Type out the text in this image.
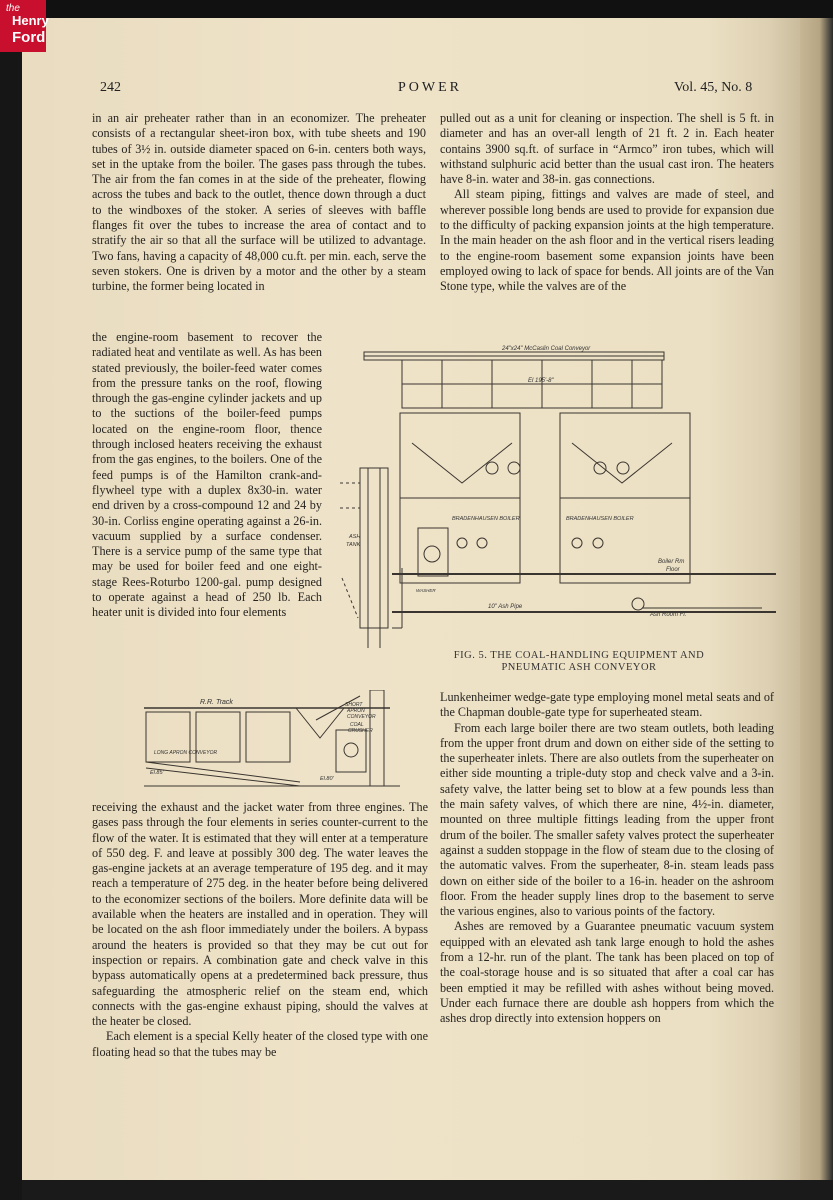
the
Henry
Ford
242	POWER	Vol. 45, No. 8

in an air preheater rather than in an economizer. The preheater consists of a rectangular sheet-iron box, with tube sheets and 190 tubes of 3½ in. outside diameter spaced on 6-in. centers both ways, set in the uptake from the boiler. The gases pass through the tubes. The air from the fan comes in at the side of the preheater, flowing across the tubes and back to the outlet, thence down through a duct to the windboxes of the stoker. A series of sleeves with baffle flanges fit over the tubes to increase the area of contact and to stratify the air so that all the surface will be utilized to advantage. Two fans, having a capacity of 48,000 cu.ft. per min. each, serve the seven stokers. One is driven by a motor and the other by a steam turbine, the former being located in

the engine-room basement to recover the radiated heat and ventilate as well. As has been stated previously, the boiler-feed water comes from the pressure tanks on the roof, flowing through the gas-engine cylinder jackets and up to the suctions of the boiler-feed pumps located on the engine-room floor, thence through inclosed heaters receiving the exhaust from the gas engines, to the boilers. One of the feed pumps is of the Hamilton crank-and-flywheel type with a duplex 8x30-in. water end driven by a cross-compound 12 and 24 by 30-in. Corliss engine operating against a 26-in. vacuum supplied by a surface condenser. There is a service pump of the same type that may be used for boiler feed and one eight-stage Rees-Roturbo 1200-gal. pump designed to operate against a head of 250 lb. Each heater unit is divided into four elements

receiving the exhaust and the jacket water from three engines. The gases pass through the four elements in series counter-current to the flow of the water. It is estimated that they will enter at a temperature of 550 deg. F. and leave at possibly 300 deg. The water leaves the gas-engine jackets at an average temperature of 195 deg. and it may reach a temperature of 275 deg. in the heater before being delivered to the economizer sections of the boilers. More definite data will be available when the heaters are installed and in operation. They will be located on the ash floor immediately under the boilers. A bypass around the heaters is provided so that they may be cut out for inspection or repairs. A combination gate and check valve in this bypass automatically opens at a predetermined back pressure, thus safeguarding the atmospheric relief on the steam end, which connects with the gas-engine exhaust piping, should the valves at the heater be closed.

Each element is a special Kelly heater of the closed type with one floating head so that the tubes may be

pulled out as a unit for cleaning or inspection. The shell is 5 ft. in diameter and has an over-all length of 21 ft. 2 in. Each heater contains 3900 sq.ft. of surface in “Armco” iron tubes, which will withstand sulphuric acid better than the usual cast iron. The heaters have 8-in. water and 38-in. gas connections.

All steam piping, fittings and valves are made of steel, and wherever possible long bends are used to provide for expansion due to the difficulty of packing expansion joints at the high temperature. In the main header on the ash floor and in the vertical risers leading to the engine-room basement some expansion joints have been employed owing to lack of space for bends. All joints are of the Van Stone type, while the valves are of the

Lunkenheimer wedge-gate type employing monel metal seats and of the Chapman double-gate type for superheated steam.

From each large boiler there are two steam outlets, both leading from the upper front drum and down on either side of the setting to the superheater inlets. There are also outlets from the superheater on either side mounting a triple-duty stop and check valve and a 3-in. safety valve, the latter being set to blow at a few pounds less than the main safety valves, of which there are nine, 4½-in. diameter, mounted on three multiple fittings leading from the upper front drum of the boiler. The smaller safety valves protect the superheater against a sudden stoppage in the flow of steam due to the closing of the automatic valves. From the superheater, 8-in. steam leads pass down on either side of the boiler to a 16-in. header on the ashroom floor. From the header supply lines drop to the basement to serve the various engines, also to various points of the factory.

Ashes are removed by a Guarantee pneumatic vacuum system equipped with an elevated ash tank large enough to hold the ashes from a 12-hr. run of the plant. The tank has been placed on top of the coal-storage house and is so situated that after a coal car has been emptied it may be refilled with ashes without being moved. Under each furnace there are double ash hoppers from which the ashes drop directly into extension hoppers on

24"x24" McCaslin Coal Conveyor
El 195'-8"
BRADENHAUSEN BOILER	BRADENHAUSEN BOILER
ASH
TANK
Boiler Rm
Floor
10" Ash Pipe
Ash Room Fl.
WASHER
FIG. 5. THE COAL-HANDLING EQUIPMENT AND
PNEUMATIC ASH CONVEYOR
R.R. Track	SHORT
APRON
CONVEYOR
COAL
CRUSHER
LONG APRON CONVEYOR
El.85'
El.80'
